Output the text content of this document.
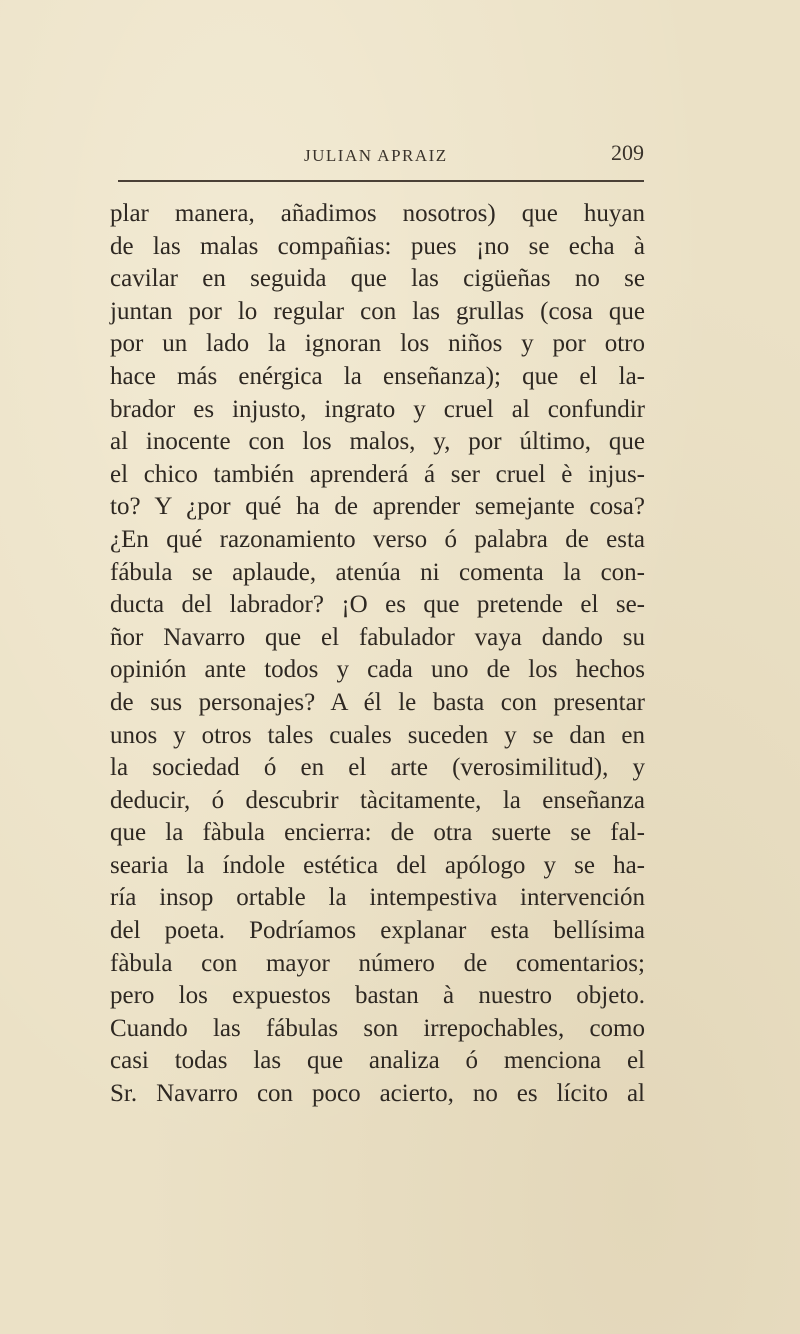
JULIAN APRAIZ	209
plar manera, añadimos nosotros) que huyan
de las malas compañias: pues ¡no se echa à
cavilar en seguida que las cigüeñas no se
juntan por lo regular con las grullas (cosa que
por un lado la ignoran los niños y por otro
hace más enérgica la enseñanza); que el la-
brador es injusto, ingrato y cruel al confundir
al inocente con los malos, y, por último, que
el chico también aprenderá á ser cruel è injus-
to? Y ¿por qué ha de aprender semejante cosa?
¿En qué razonamiento verso ó palabra de esta
fábula se aplaude, atenúa ni comenta la con-
ducta del labrador? ¡O es que pretende el se-
ñor Navarro que el fabulador vaya dando su
opinión ante todos y cada uno de los hechos
de sus personajes? A él le basta con presentar
unos y otros tales cuales suceden y se dan en
la sociedad ó en el arte (verosimilitud), y
deducir, ó descubrir tàcitamente, la enseñanza
que la fàbula encierra: de otra suerte se fal-
searia la índole estética del apólogo y se ha-
ría insop ortable la intempestiva intervención
del poeta. Podríamos explanar esta bellísima
fàbula con mayor número de comentarios;
pero los expuestos bastan à nuestro objeto.
Cuando las fábulas son irrepochables, como
casi todas las que analiza ó menciona el
Sr. Navarro con poco acierto, no es lícito al
